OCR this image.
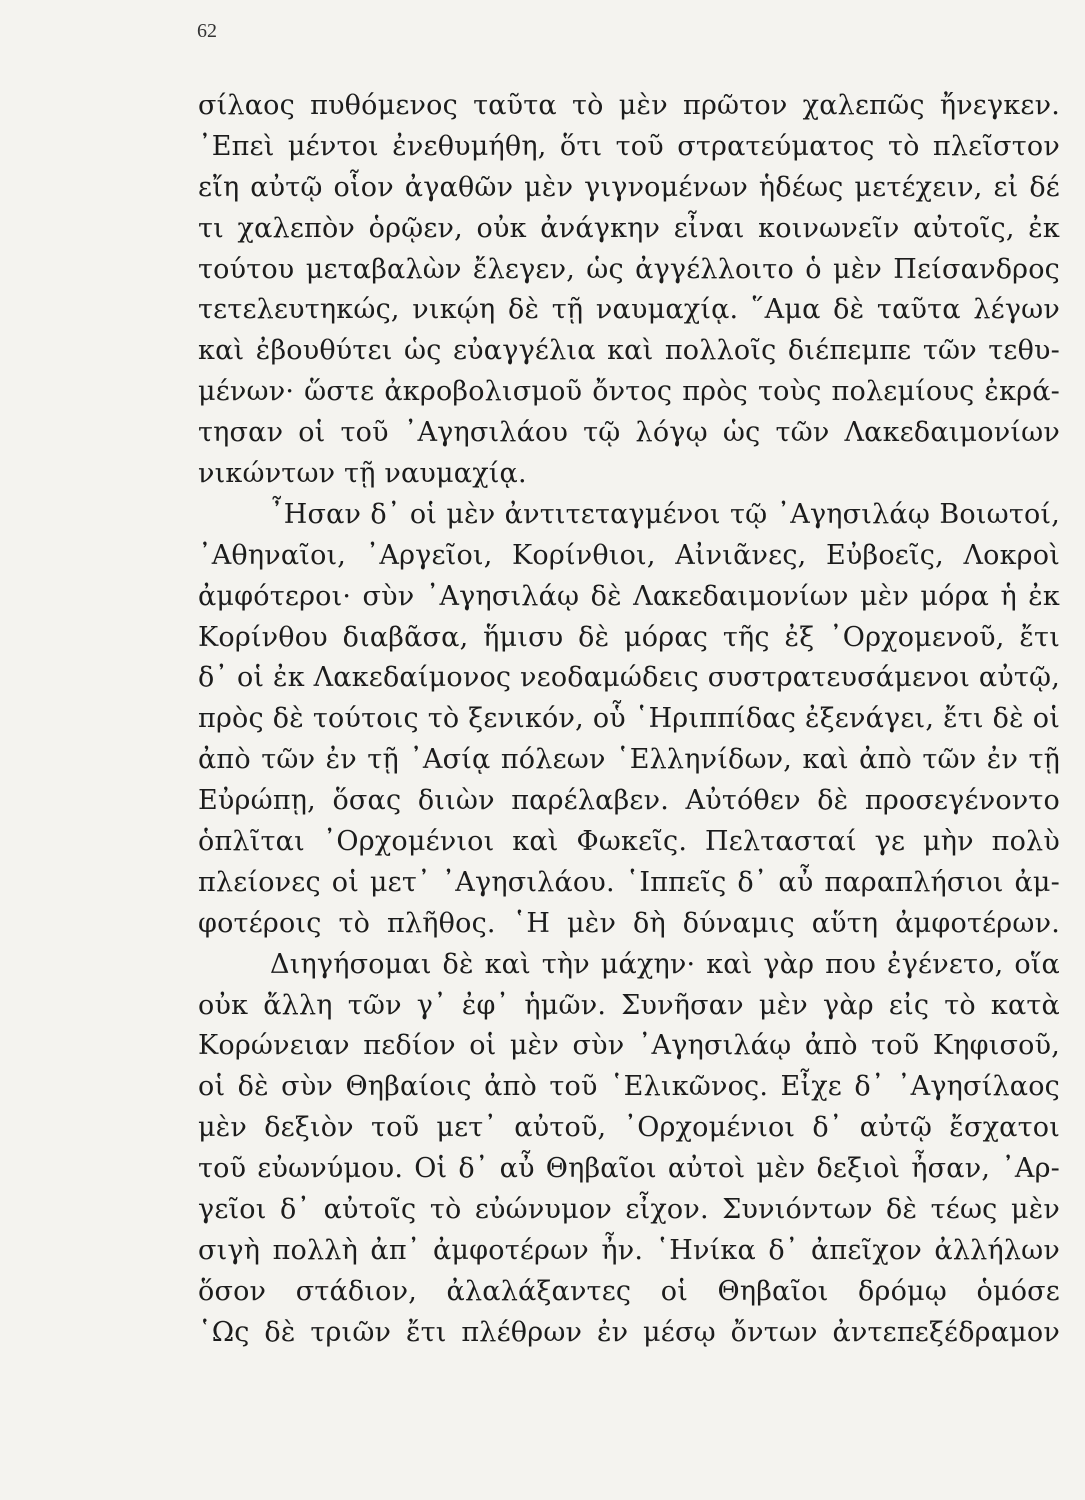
62
σίλαος πυθόμενος ταῦτα τὸ μὲν πρῶτον χαλεπῶς ἤνεγκεν.
᾿Επεὶ μέντοι ἐνεθυμήθη, ὅτι τοῦ στρατεύματος τὸ πλεῖστον
εἴη αὐτῷ οἷον ἀγαθῶν μὲν γιγνομένων ἡδέως μετέχειν, εἰ δέ
τι χαλεπὸν ὁρῷεν, οὐκ ἀνάγκην εἶναι κοινωνεῖν αὐτοῖς, ἐκ
τούτου μεταβαλὼν ἔλεγεν, ὡς ἀγγέλλοιτο ὁ μὲν Πείσανδρος
τετελευτηκώς, νικῴη δὲ τῇ ναυμαχίᾳ. ῞Αμα δὲ ταῦτα λέγων
καὶ ἐβουθύτει ὡς εὐαγγέλια καὶ πολλοῖς διέπεμπε τῶν τεθυ-
μένων· ὥστε ἀκροβολισμοῦ ὄντος πρὸς τοὺς πολεμίους ἐκρά-
τησαν οἱ τοῦ ᾿Αγησιλάου τῷ λόγῳ ὡς τῶν Λακεδαιμονίων
νικώντων τῇ ναυμαχίᾳ.
῏Ησαν δ᾿ οἱ μὲν ἀντιτεταγμένοι τῷ ᾿Αγησιλάῳ Βοιωτοί,
᾿Αθηναῖοι, ᾿Αργεῖοι, Κορίνθιοι, Αἰνιᾶνες, Εὐβοεῖς, Λοκροὶ
ἀμφότεροι· σὺν ᾿Αγησιλάῳ δὲ Λακεδαιμονίων μὲν μόρα ἡ ἐκ
Κορίνθου διαβᾶσα, ἥμισυ δὲ μόρας τῆς ἐξ ᾿Ορχομενοῦ, ἔτι
δ᾿ οἱ ἐκ Λακεδαίμονος νεοδαμώδεις συστρατευσάμενοι αὐτῷ,
πρὸς δὲ τούτοις τὸ ξενικόν, οὗ ῾Ηριππίδας ἐξενάγει, ἔτι δὲ οἱ
ἀπὸ τῶν ἐν τῇ ᾿Ασίᾳ πόλεων ῾Ελληνίδων, καὶ ἀπὸ τῶν ἐν τῇ
Εὐρώπῃ, ὅσας διιὼν παρέλαβεν. Αὐτόθεν δὲ προσεγένοντο
ὁπλῖται ᾿Ορχομένιοι καὶ Φωκεῖς. Πελτασταί γε μὴν πολὺ
πλείονες οἱ μετ᾿ ᾿Αγησιλάου. ῾Ιππεῖς δ᾿ αὖ παραπλήσιοι ἀμ-
φοτέροις τὸ πλῆθος. ῾Η μὲν δὴ δύναμις αὕτη ἀμφοτέρων.
Διηγήσομαι δὲ καὶ τὴν μάχην· καὶ γὰρ που ἐγένετο, οἵα
οὐκ ἄλλη τῶν γ᾿ ἐφ᾿ ἡμῶν. Συνῆσαν μὲν γὰρ εἰς τὸ κατὰ
Κορώνειαν πεδίον οἱ μὲν σὺν ᾿Αγησιλάῳ ἀπὸ τοῦ Κηφισοῦ,
οἱ δὲ σὺν Θηβαίοις ἀπὸ τοῦ ῾Ελικῶνος. Εἶχε δ᾿ ᾿Αγησίλαος
μὲν δεξιὸν τοῦ μετ᾿ αὐτοῦ, ᾿Ορχομένιοι δ᾿ αὐτῷ ἔσχατοι
τοῦ εὐωνύμου. Οἱ δ᾿ αὖ Θηβαῖοι αὐτοὶ μὲν δεξιοὶ ἦσαν, ᾿Αρ-
γεῖοι δ᾿ αὐτοῖς τὸ εὐώνυμον εἶχον. Συνιόντων δὲ τέως μὲν
σιγὴ πολλὴ ἀπ᾿ ἀμφοτέρων ἦν. ῾Ηνίκα δ᾿ ἀπεῖχον ἀλλήλων
ὅσον στάδιον, ἀλαλάξαντες οἱ Θηβαῖοι δρόμῳ ὁμόσε
῾Ως δὲ τριῶν ἔτι πλέθρων ἐν μέσῳ ὄντων ἀντεπεξέδραμον
